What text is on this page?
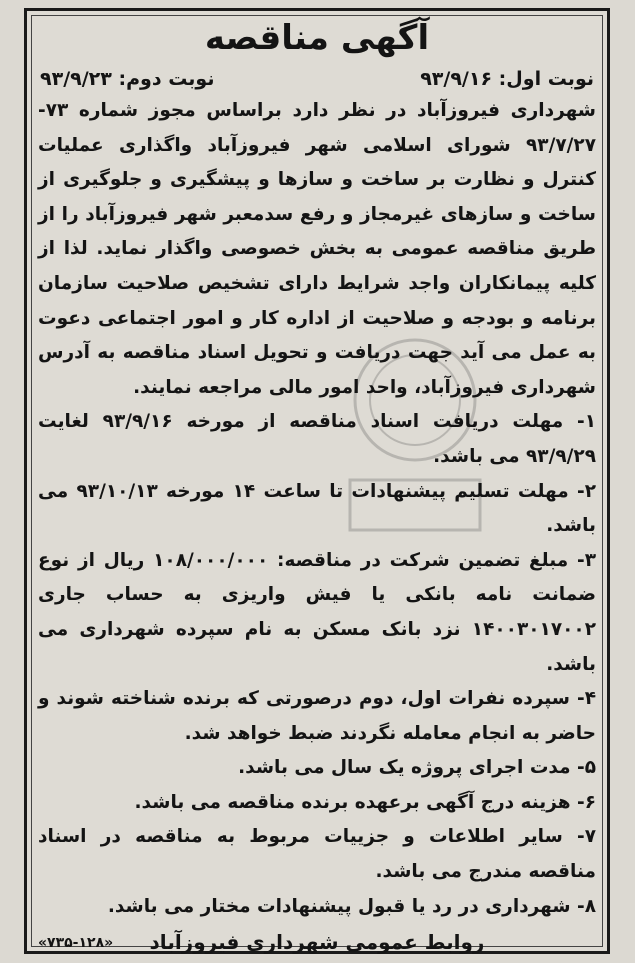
آگهی مناقصه
نوبت اول: ۹۳/۹/۱۶
نوبت دوم: ۹۳/۹/۲۳

شهرداری فیروزآباد در نظر دارد براساس مجوز شماره ۷۳- ۹۳/۷/۲۷ شورای اسلامی شهر فیروزآباد واگذاری عملیات کنترل و نظارت بر ساخت و سازها و پیشگیری و جلوگیری از ساخت و سازهای غیرمجاز و رفع سدمعبر شهر فیروزآباد را از طریق مناقصه عمومی به بخش خصوصی واگذار نماید. لذا از کلیه پیمانکاران واجد شرایط دارای تشخیص صلاحیت سازمان برنامه و بودجه و صلاحیت از اداره کار و امور اجتماعی دعوت به عمل می آید جهت دریافت و تحویل اسناد مناقصه به آدرس شهرداری فیروزآباد، واحد امور مالی مراجعه نمایند.

۱- مهلت دریافت اسناد مناقصه از مورخه ۹۳/۹/۱۶ لغایت ۹۳/۹/۲۹ می باشد.

۲- مهلت تسلیم پیشنهادات تا ساعت ۱۴ مورخه ۹۳/۱۰/۱۳ می باشد.

۳- مبلغ تضمین شرکت در مناقصه: ۱۰۸/۰۰۰/۰۰۰ ریال از نوع ضمانت نامه بانکی یا فیش واریزی به حساب جاری ۱۴۰۰۳۰۱۷۰۰۲ نزد بانک مسکن به نام سپرده شهرداری می باشد.

۴- سپرده نفرات اول، دوم درصورتی که برنده شناخته شوند و حاضر به انجام معامله نگردند ضبط خواهد شد.

۵- مدت اجرای پروژه یک سال می باشد.

۶- هزینه درج آگهی برعهده برنده مناقصه می باشد.

۷- سایر اطلاعات و جزییات مربوط به مناقصه در اسناد مناقصه مندرج می باشد.

۸- شهرداری در رد یا قبول پیشنهادات مختار می باشد.

روابط عمومی شهرداری فیروزآباد
«۷۳۵-۱۲۸»
